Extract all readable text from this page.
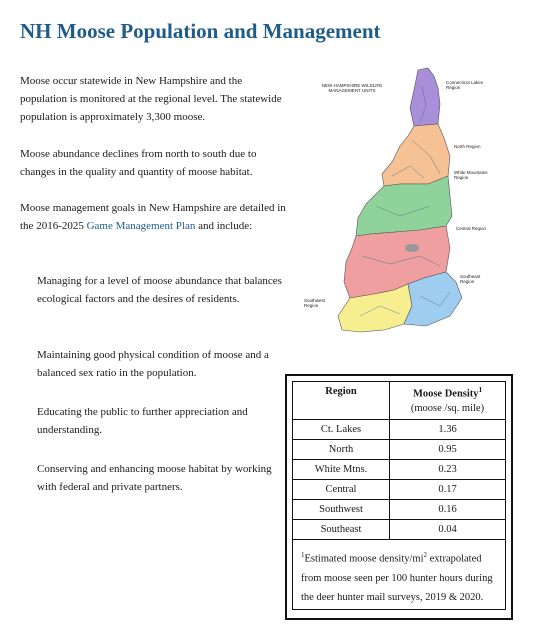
NH Moose Population and Management

Moose occur statewide in New Hampshire and the population is monitored at the regional level. The statewide population is approximately 3,300 moose.

Moose abundance declines from north to south due to changes in the quality and quantity of moose habitat.

Moose management goals in New Hampshire are detailed in the 2016-2025 Game Management Plan and include:

Managing for a level of moose abundance that balances ecological factors and the desires of residents.
Maintaining good physical condition of moose and a balanced sex ratio in the population.
Educating the public to further appreciation and understanding.
Conserving and enhancing moose habitat by working with federal and private partners.
NEW HAMPSHIRE WILDLIFE MANAGEMENT UNITS
Connecticut Lakes Region
North Region
White Mountains Region
Central Region
Southeast Region
Southwest Region
Region	Moose Density$^1$
(moose /sq. mile)

Ct. Lakes	1.36
North	0.95
White Mtns.	0.23
Central	0.17
Southwest	0.16
Southeast	0.04
$^1$Estimated moose density/$mi^2$ extrapolated from moose seen per 100 hunter hours during the deer hunter mail surveys, 2019 & 2020.	
